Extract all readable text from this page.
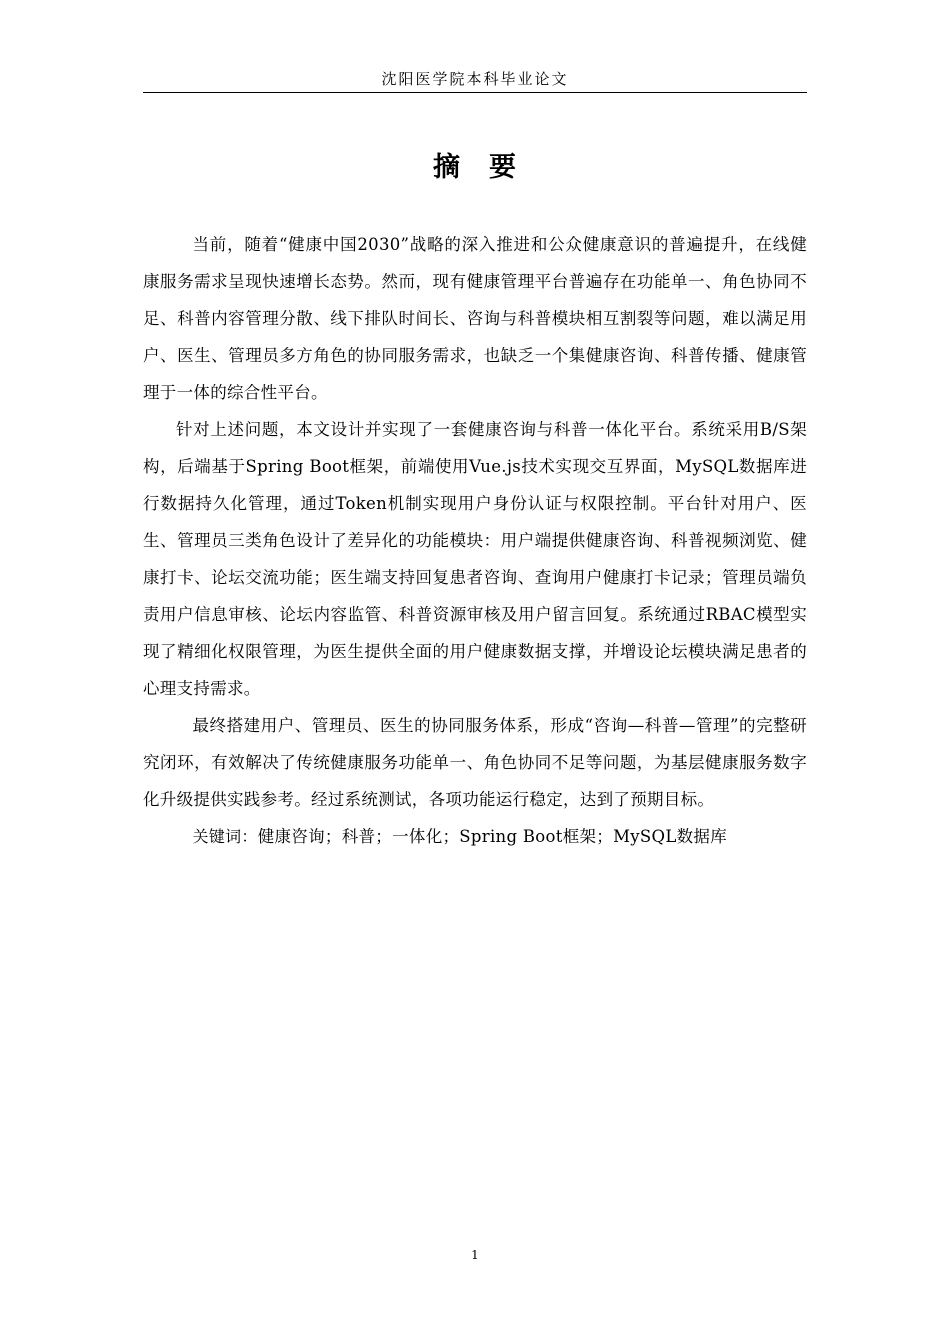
沈阳医学院本科毕业论文
摘　要

当前，随着“健康中国2030”战略的深入推进和公众健康意识的普遍提升，在线健康服务需求呈现快速增长态势。然而，现有健康管理平台普遍存在功能单一、角色协同不足、科普内容管理分散、线下排队时间长、咨询与科普模块相互割裂等问题，难以满足用户、医生、管理员多方角色的协同服务需求，也缺乏一个集健康咨询、科普传播、健康管理于一体的综合性平台。

针对上述问题，本文设计并实现了一套健康咨询与科普一体化平台。系统采用B/S架构，后端基于Spring Boot框架，前端使用Vue.js技术实现交互界面，MySQL数据库进行数据持久化管理，通过Token机制实现用户身份认证与权限控制。平台针对用户、医生、管理员三类角色设计了差异化的功能模块：用户端提供健康咨询、科普视频浏览、健康打卡、论坛交流功能；医生端支持回复患者咨询、查询用户健康打卡记录；管理员端负责用户信息审核、论坛内容监管、科普资源审核及用户留言回复。系统通过RBAC模型实现了精细化权限管理，为医生提供全面的用户健康数据支撑，并增设论坛模块满足患者的心理支持需求。

最终搭建用户、管理员、医生的协同服务体系，形成“咨询—科普—管理”的完整研究闭环，有效解决了传统健康服务功能单一、角色协同不足等问题，为基层健康服务数字化升级提供实践参考。经过系统测试，各项功能运行稳定，达到了预期目标。

关键词：健康咨询；科普；一体化；Spring Boot框架；MySQL数据库

1
